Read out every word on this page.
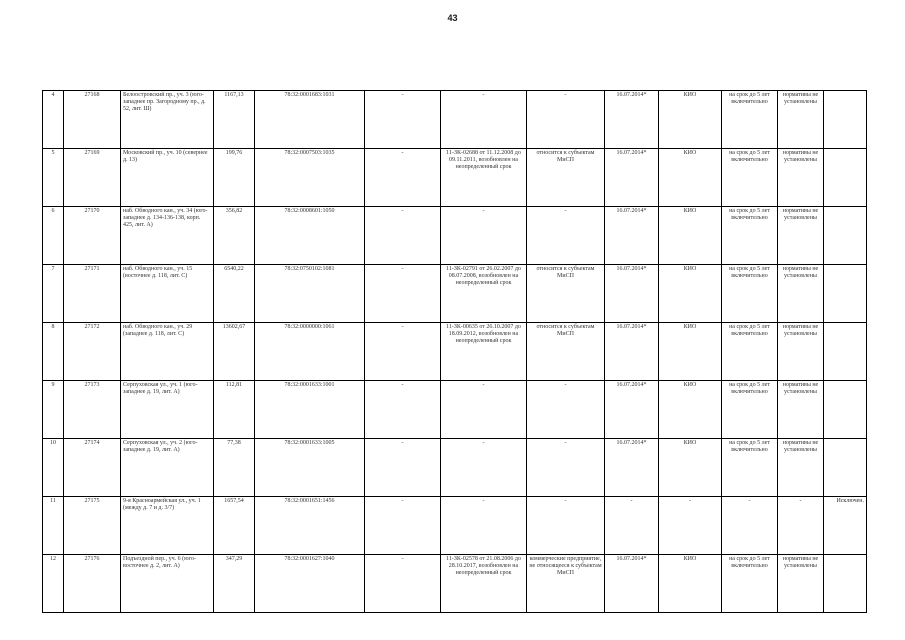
43
4	27168	Белоостровский пр., уч. 3 (юго-западнее пр. Загородному пр., д. 52, лит. Ш)	1167,13	78:32:0001683:1031	-	-	-	16.07.2014*	КИО	на срок до 5 лет включительно	нормативы не установлены	
5	27169	Московский пр., уч. 10 (севернее д. 13)	199,76	78:32:0007503:1035	-	11-ЗК-02688 от 11.12.2008 до 09.11.2011, возобновлен на неопределенный срок	относится к субъектам МиСП	16.07.2014*	КИО	на срок до 5 лет включительно	нормативы не установлены	
6	27170	наб. Обводного кан., уч. 34 (юго-западнее д. 134-136-138, корп. 425, лит. А)	356,82	78:32:0008601:1050	-	-	-	16.07.2014*	КИО	на срок до 5 лет включительно	нормативы не установлены	
7	27171	наб. Обводного кан., уч. 15 (восточнее д. 118, лит. С)	6540,22	78:32:0750102:1081	-	11-ЗК-02791 от 26.02.2007 до 08.07.2008, возобновлен на неопределенный срок	относится к субъектам МиСП	16.07.2014*	КИО	на срок до 5 лет включительно	нормативы не установлены	
8	27172	наб. Обводного кан., уч. 29 (западнее д. 118, лит. С)	13602,67	78:32:0000000:1061	-	11-ЗК-00635 от 26.10.2007 до 18.09.2012, возобновлен на неопределенный срок	относится к субъектам МиСП	16.07.2014*	КИО	на срок до 5 лет включительно	нормативы не установлены	
9	27173	Серпуховская ул., уч. 1 (юго-западнее д. 19, лит. А)	112,81	78:32:0001633:1001	-	-	-	16.07.2014*	КИО	на срок до 5 лет включительно	нормативы не установлены	
10	27174	Серпуховская ул., уч. 2 (юго-западнее д. 19, лит. А)	77,38	78:32:0001633:1005	-	-	-	16.07.2014*	КИО	на срок до 5 лет включительно	нормативы не установлены	
11	27175	9-я Красноармейская ул., уч. 1 (между д. 7 и д. 3/7)	1657,54	78:32:0001651:1456	-	-	-	-	-	-	-	Исключен.
12	27176	Подъездной пер., уч. 6 (юго-восточнее д. 2, лит. А)	347,29	78:32:0001627:1040	-	11-ЗК-02578 от 21.08.2006 до 28.10.2017, возобновлен на неопределенный срок	коммерческие предприятие, не относящееся к субъектам МиСП	16.07.2014*	КИО	на срок до 5 лет включительно	нормативы не установлены	
